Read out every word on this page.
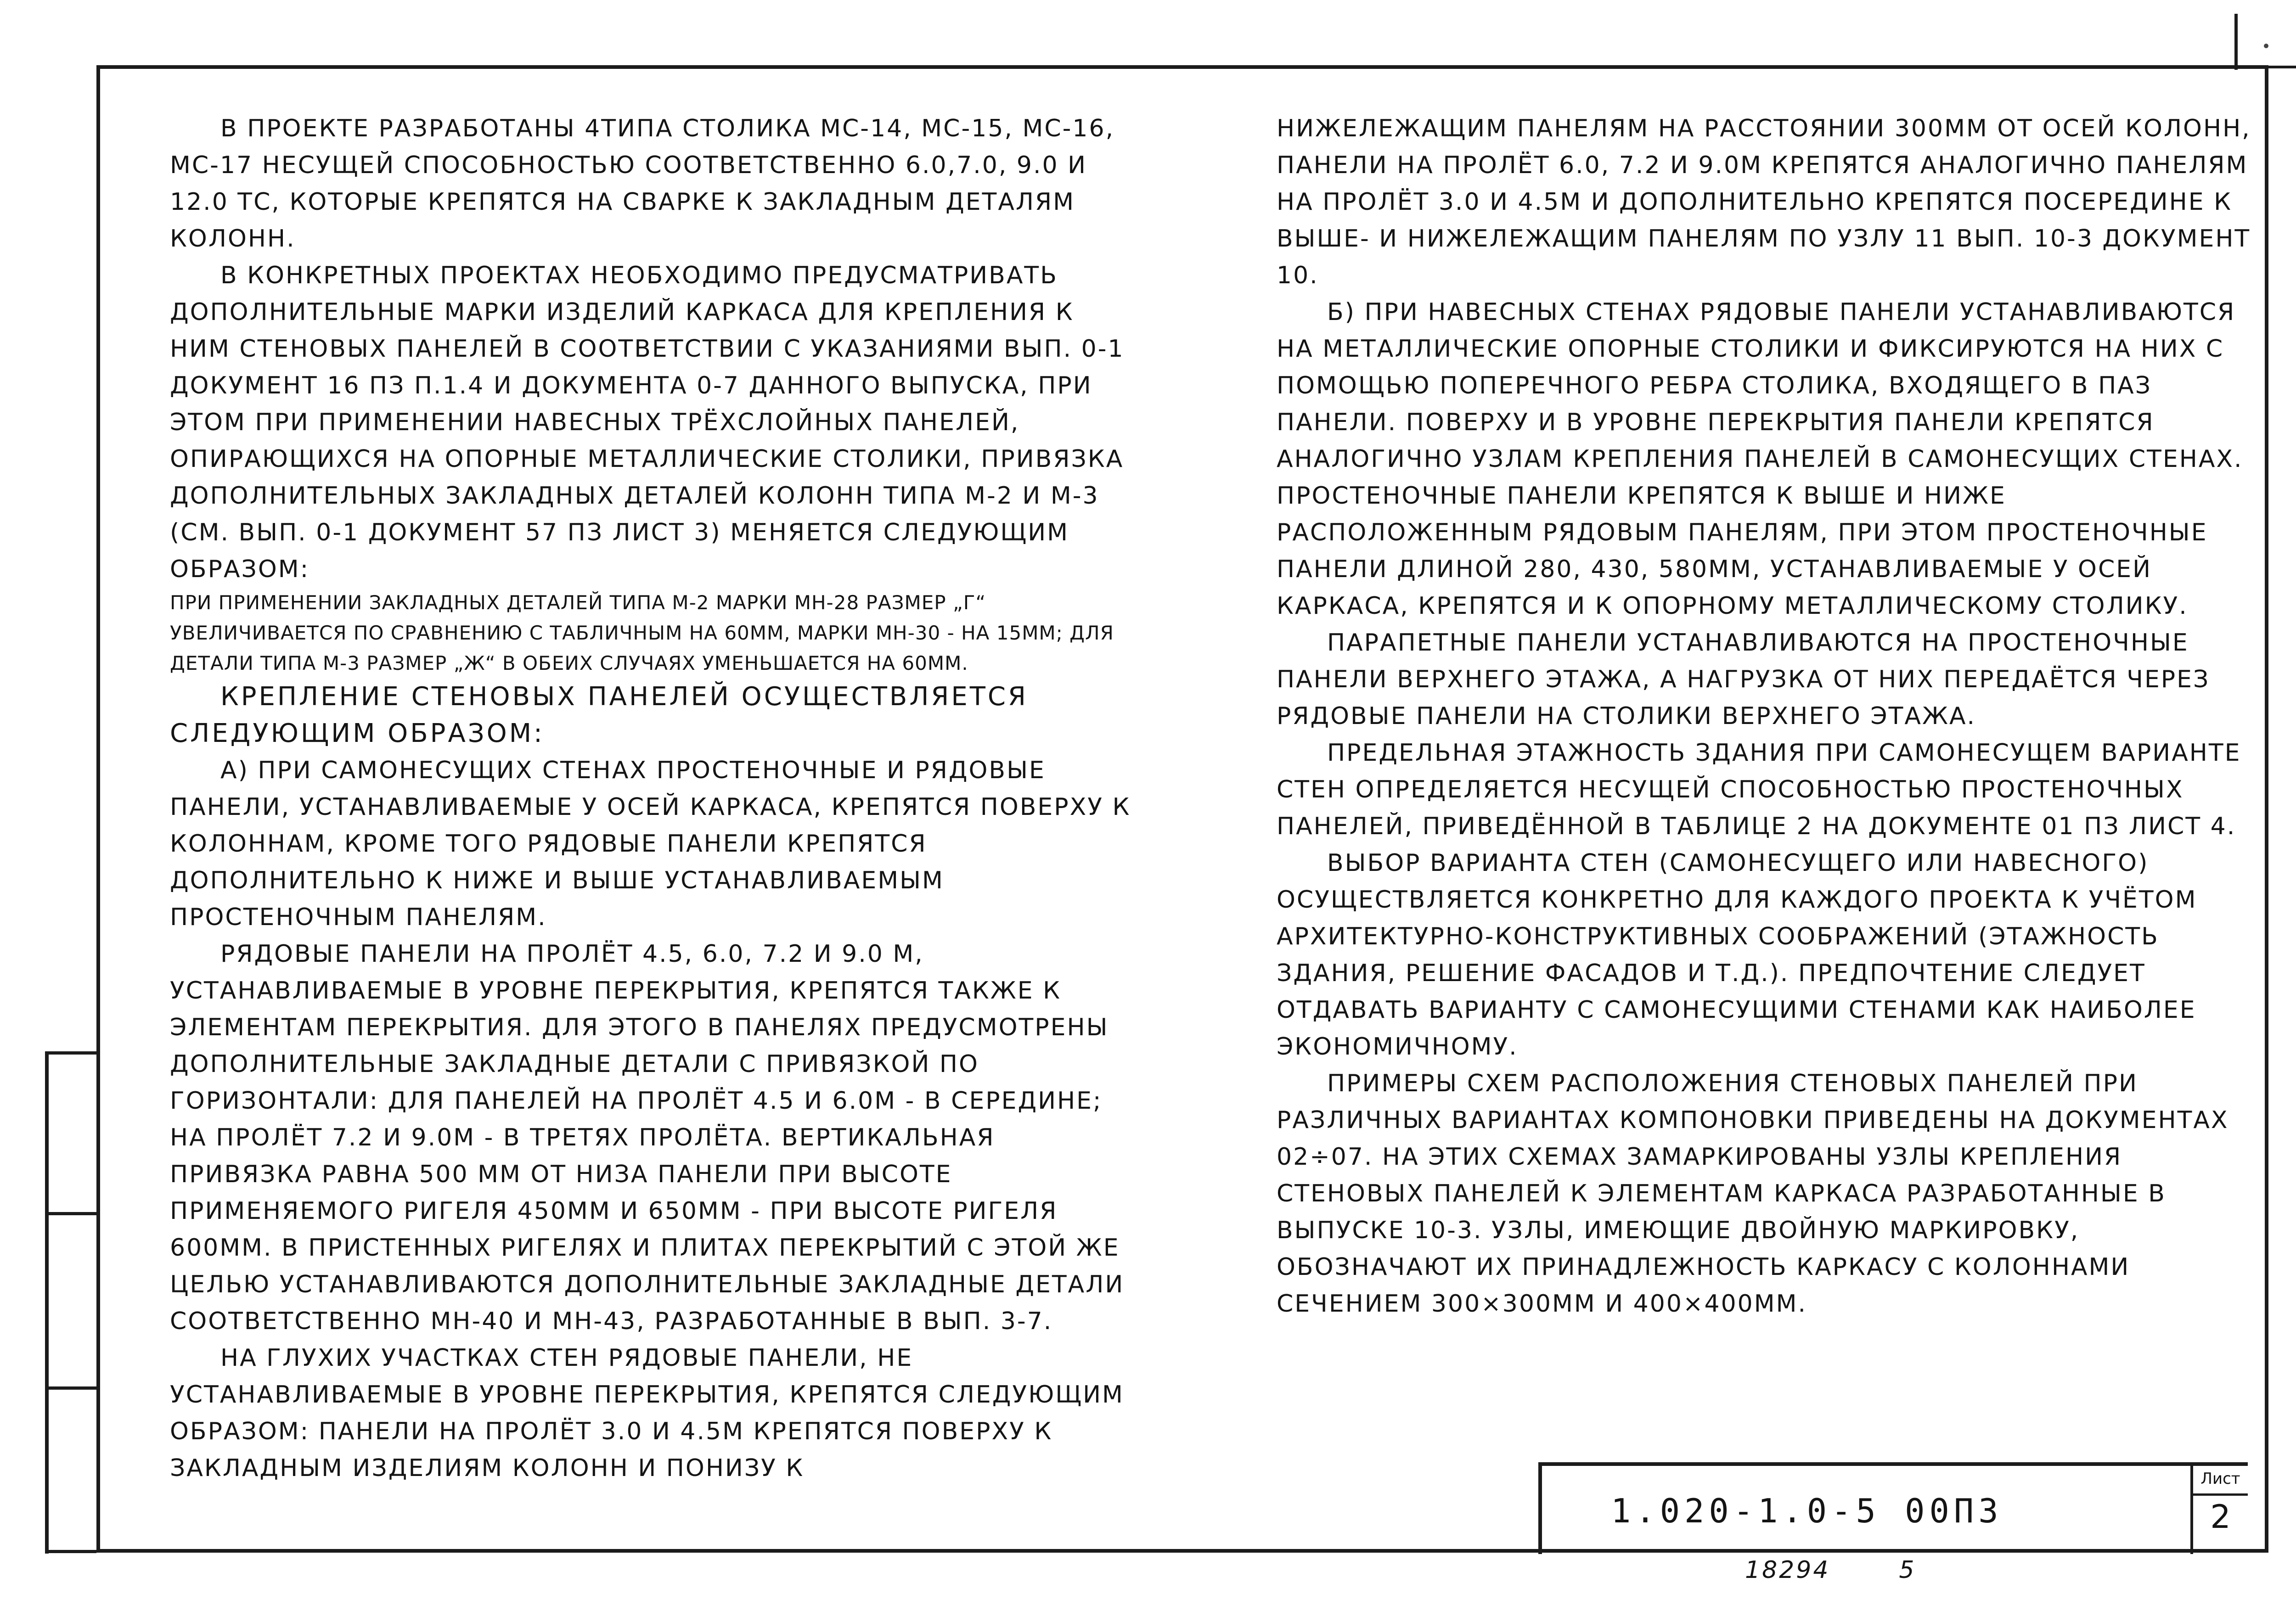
В ПРОЕКТЕ РАЗРАБОТАНЫ 4ТИПА СТОЛИКА МС-14, МС-15, МС-16, МС-17 НЕСУЩЕЙ СПОСОБНОСТЬЮ СООТВЕТСТВЕННО 6.0,7.0, 9.0 И 12.0 ТС, КОТОРЫЕ КРЕПЯТСЯ НА СВАРКЕ К ЗАКЛАДНЫМ ДЕТАЛЯМ КОЛОНН.

В КОНКРЕТНЫХ ПРОЕКТАХ НЕОБХОДИМО ПРЕДУСМАТРИВАТЬ ДОПОЛНИТЕЛЬНЫЕ МАРКИ ИЗДЕЛИЙ КАРКАСА ДЛЯ КРЕПЛЕНИЯ К НИМ СТЕНОВЫХ ПАНЕЛЕЙ В СООТВЕТСТВИИ С УКАЗАНИЯМИ ВЫП. 0-1 ДОКУМЕНТ 16 ПЗ П.1.4 И ДОКУМЕНТА 0-7 ДАННОГО ВЫПУСКА, ПРИ ЭТОМ ПРИ ПРИМЕНЕНИИ НАВЕСНЫХ ТРЁХСЛОЙНЫХ ПАНЕЛЕЙ, ОПИРАЮЩИХСЯ НА ОПОРНЫЕ МЕТАЛЛИЧЕСКИЕ СТОЛИКИ, ПРИВЯЗКА ДОПОЛНИТЕЛЬНЫХ ЗАКЛАДНЫХ ДЕТАЛЕЙ КОЛОНН ТИПА М-2 И М-3 (СМ. ВЫП. 0-1 ДОКУМЕНТ 57 ПЗ ЛИСТ 3) МЕНЯЕТСЯ СЛЕДУЮЩИМ ОБРАЗОМ:

ПРИ ПРИМЕНЕНИИ ЗАКЛАДНЫХ ДЕТАЛЕЙ ТИПА М-2 МАРКИ МН-28 РАЗМЕР „Г“ УВЕЛИЧИВАЕТСЯ ПО СРАВНЕНИЮ С ТАБЛИЧНЫМ НА 60ММ, МАРКИ МН-30 - НА 15ММ; ДЛЯ ДЕТАЛИ ТИПА М-3 РАЗМЕР „Ж“ В ОБЕИХ СЛУЧАЯХ УМЕНЬШАЕТСЯ НА 60ММ.

КРЕПЛЕНИЕ СТЕНОВЫХ ПАНЕЛЕЙ ОСУЩЕСТВЛЯЕТСЯ СЛЕДУЮЩИМ ОБРАЗОМ:

А) ПРИ САМОНЕСУЩИХ СТЕНАХ ПРОСТЕНОЧНЫЕ И РЯДОВЫЕ ПАНЕЛИ, УСТАНАВЛИВАЕМЫЕ У ОСЕЙ КАРКАСА, КРЕПЯТСЯ ПОВЕРХУ К КОЛОННАМ, КРОМЕ ТОГО РЯДОВЫЕ ПАНЕЛИ КРЕПЯТСЯ ДОПОЛНИТЕЛЬНО К НИЖЕ И ВЫШЕ УСТАНАВЛИВАЕМЫМ ПРОСТЕНОЧНЫМ ПАНЕЛЯМ.

РЯДОВЫЕ ПАНЕЛИ НА ПРОЛЁТ 4.5, 6.0, 7.2 И 9.0 М, УСТАНАВЛИВАЕМЫЕ В УРОВНЕ ПЕРЕКРЫТИЯ, КРЕПЯТСЯ ТАКЖЕ К ЭЛЕМЕНТАМ ПЕРЕКРЫТИЯ. ДЛЯ ЭТОГО В ПАНЕЛЯХ ПРЕДУСМОТРЕНЫ ДОПОЛНИТЕЛЬНЫЕ ЗАКЛАДНЫЕ ДЕТАЛИ С ПРИВЯЗКОЙ ПО ГОРИЗОНТАЛИ: ДЛЯ ПАНЕЛЕЙ НА ПРОЛЁТ 4.5 И 6.0М - В СЕРЕДИНЕ; НА ПРОЛЁТ 7.2 И 9.0М - В ТРЕТЯХ ПРОЛЁТА. ВЕРТИКАЛЬНАЯ ПРИВЯЗКА РАВНА 500 ММ ОТ НИЗА ПАНЕЛИ ПРИ ВЫСОТЕ ПРИМЕНЯЕМОГО РИГЕЛЯ 450ММ И 650ММ - ПРИ ВЫСОТЕ РИГЕЛЯ 600ММ. В ПРИСТЕННЫХ РИГЕЛЯХ И ПЛИТАХ ПЕРЕКРЫТИЙ С ЭТОЙ ЖЕ ЦЕЛЬЮ УСТАНАВЛИВАЮТСЯ ДОПОЛНИТЕЛЬНЫЕ ЗАКЛАДНЫЕ ДЕТАЛИ СООТВЕТСТВЕННО МН-40 И МН-43, РАЗРАБОТАННЫЕ В ВЫП. 3-7.

НА ГЛУХИХ УЧАСТКАХ СТЕН РЯДОВЫЕ ПАНЕЛИ, НЕ УСТАНАВЛИВАЕМЫЕ В УРОВНЕ ПЕРЕКРЫТИЯ, КРЕПЯТСЯ СЛЕДУЮЩИМ ОБРАЗОМ: ПАНЕЛИ НА ПРОЛЁТ 3.0 И 4.5М КРЕПЯТСЯ ПОВЕРХУ К ЗАКЛАДНЫМ ИЗДЕЛИЯМ КОЛОНН И ПОНИЗУ К

НИЖЕЛЕЖАЩИМ ПАНЕЛЯМ НА РАССТОЯНИИ 300ММ ОТ ОСЕЙ КОЛОНН, ПАНЕЛИ НА ПРОЛЁТ 6.0, 7.2 И 9.0М КРЕПЯТСЯ АНАЛОГИЧНО ПАНЕЛЯМ НА ПРОЛЁТ 3.0 И 4.5М И ДОПОЛНИТЕЛЬНО КРЕПЯТСЯ ПОСЕРЕДИНЕ К ВЫШЕ- И НИЖЕЛЕЖАЩИМ ПАНЕЛЯМ ПО УЗЛУ 11 ВЫП. 10-3 ДОКУМЕНТ 10.

Б) ПРИ НАВЕСНЫХ СТЕНАХ РЯДОВЫЕ ПАНЕЛИ УСТАНАВЛИВАЮТСЯ НА МЕТАЛЛИЧЕСКИЕ ОПОРНЫЕ СТОЛИКИ И ФИКСИРУЮТСЯ НА НИХ С ПОМОЩЬЮ ПОПЕРЕЧНОГО РЕБРА СТОЛИКА, ВХОДЯЩЕГО В ПАЗ ПАНЕЛИ. ПОВЕРХУ И В УРОВНЕ ПЕРЕКРЫТИЯ ПАНЕЛИ КРЕПЯТСЯ АНАЛОГИЧНО УЗЛАМ КРЕПЛЕНИЯ ПАНЕЛЕЙ В САМОНЕСУЩИХ СТЕНАХ. ПРОСТЕНОЧНЫЕ ПАНЕЛИ КРЕПЯТСЯ К ВЫШЕ И НИЖЕ РАСПОЛОЖЕННЫМ РЯДОВЫМ ПАНЕЛЯМ, ПРИ ЭТОМ ПРОСТЕНОЧНЫЕ ПАНЕЛИ ДЛИНОЙ 280, 430, 580ММ, УСТАНАВЛИВАЕМЫЕ У ОСЕЙ КАРКАСА, КРЕПЯТСЯ И К ОПОРНОМУ МЕТАЛЛИЧЕСКОМУ СТОЛИКУ.

ПАРАПЕТНЫЕ ПАНЕЛИ УСТАНАВЛИВАЮТСЯ НА ПРОСТЕНОЧНЫЕ ПАНЕЛИ ВЕРХНЕГО ЭТАЖА, А НАГРУЗКА ОТ НИХ ПЕРЕДАЁТСЯ ЧЕРЕЗ РЯДОВЫЕ ПАНЕЛИ НА СТОЛИКИ ВЕРХНЕГО ЭТАЖА.

ПРЕДЕЛЬНАЯ ЭТАЖНОСТЬ ЗДАНИЯ ПРИ САМОНЕСУЩЕМ ВАРИАНТЕ СТЕН ОПРЕДЕЛЯЕТСЯ НЕСУЩЕЙ СПОСОБНОСТЬЮ ПРОСТЕНОЧНЫХ ПАНЕЛЕЙ, ПРИВЕДЁННОЙ В ТАБЛИЦЕ 2 НА ДОКУМЕНТЕ 01 ПЗ ЛИСТ 4.

ВЫБОР ВАРИАНТА СТЕН (САМОНЕСУЩЕГО ИЛИ НАВЕСНОГО) ОСУЩЕСТВЛЯЕТСЯ КОНКРЕТНО ДЛЯ КАЖДОГО ПРОЕКТА К УЧЁТОМ АРХИТЕКТУРНО-КОНСТРУКТИВНЫХ СООБРАЖЕНИЙ (ЭТАЖНОСТЬ ЗДАНИЯ, РЕШЕНИЕ ФАСАДОВ И Т.Д.). ПРЕДПОЧТЕНИЕ СЛЕДУЕТ ОТДАВАТЬ ВАРИАНТУ С САМОНЕСУЩИМИ СТЕНАМИ КАК НАИБОЛЕЕ ЭКОНОМИЧНОМУ.

ПРИМЕРЫ СХЕМ РАСПОЛОЖЕНИЯ СТЕНОВЫХ ПАНЕЛЕЙ ПРИ РАЗЛИЧНЫХ ВАРИАНТАХ КОМПОНОВКИ ПРИВЕДЕНЫ НА ДОКУМЕНТАХ 02÷07. НА ЭТИХ СХЕМАХ ЗАМАРКИРОВАНЫ УЗЛЫ КРЕПЛЕНИЯ СТЕНОВЫХ ПАНЕЛЕЙ К ЭЛЕМЕНТАМ КАРКАСА РАЗРАБОТАННЫЕ В ВЫПУСКЕ 10-3. УЗЛЫ, ИМЕЮЩИЕ ДВОЙНУЮ МАРКИРОВКУ, ОБОЗНАЧАЮТ ИХ ПРИНАДЛЕЖНОСТЬ КАРКАСУ С КОЛОННАМИ СЕЧЕНИЕМ 300×300ММ И 400×400ММ.

1.020-1.0-5 00ПЗ
Лист
2
18294	5
